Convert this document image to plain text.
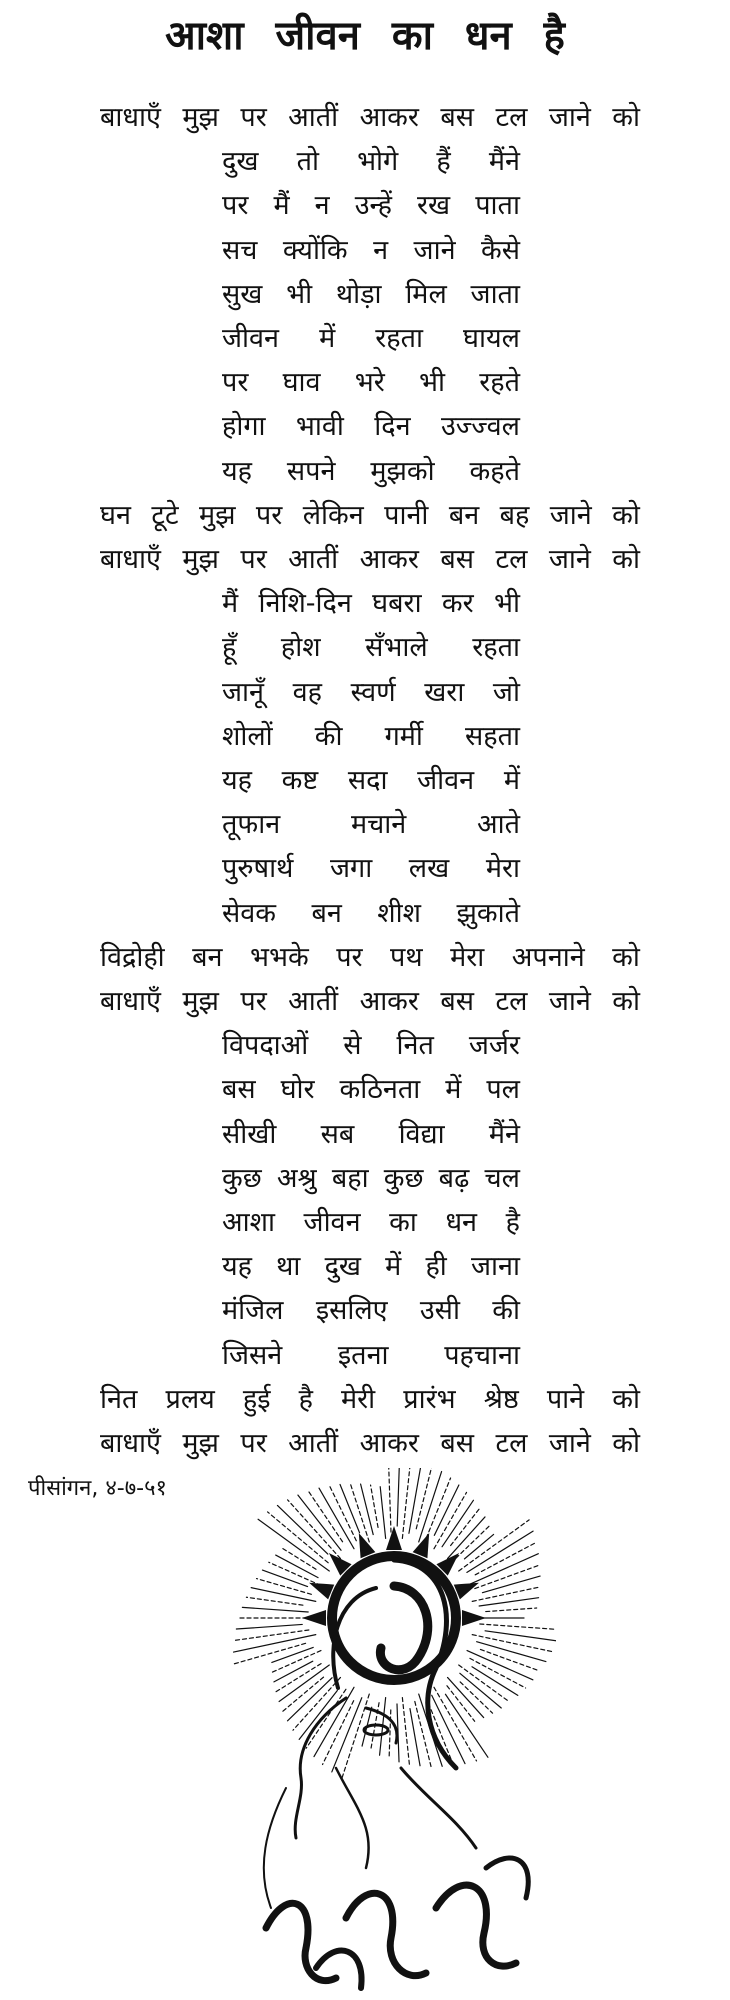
आशा जीवन का धन है
बाधाएँ मुझ पर आतीं आकर बस टल जाने को
दुख तो भोगे हैं मैंने
पर मैं न उन्हें रख पाता
सच क्योंकि न जाने कैसे
सुख भी थोड़ा मिल जाता
जीवन में रहता घायल
पर घाव भरे भी रहते
होगा भावी दिन उज्ज्वल
यह सपने मुझको कहते
घन टूटे मुझ पर लेकिन पानी बन बह जाने को
बाधाएँ मुझ पर आतीं आकर बस टल जाने को
मैं निशि-दिन घबरा कर भी
हूँ होश सँभाले रहता
जानूँ वह स्वर्ण खरा जो
शोलों की गर्मी सहता
यह कष्ट सदा जीवन में
तूफान	मचाने	आते
पुरुषार्थ जगा लख मेरा
सेवक बन शीश झुकाते
विद्रोही बन भभके पर पथ मेरा अपनाने को
बाधाएँ मुझ पर आतीं आकर बस टल जाने को
विपदाओं से नित जर्जर
बस घोर कठिनता में पल
सीखी सब विद्या मैंने
कुछ अश्रु बहा कुछ बढ़ चल
आशा जीवन का धन है
यह था दुख में ही जाना
मंजिल इसलिए उसी की
जिसने इतना पहचाना
नित प्रलय हुई है मेरी प्रारंभ श्रेष्ठ पाने को
बाधाएँ मुझ पर आतीं आकर बस टल जाने को
पीसांगन, ४-७-५१
